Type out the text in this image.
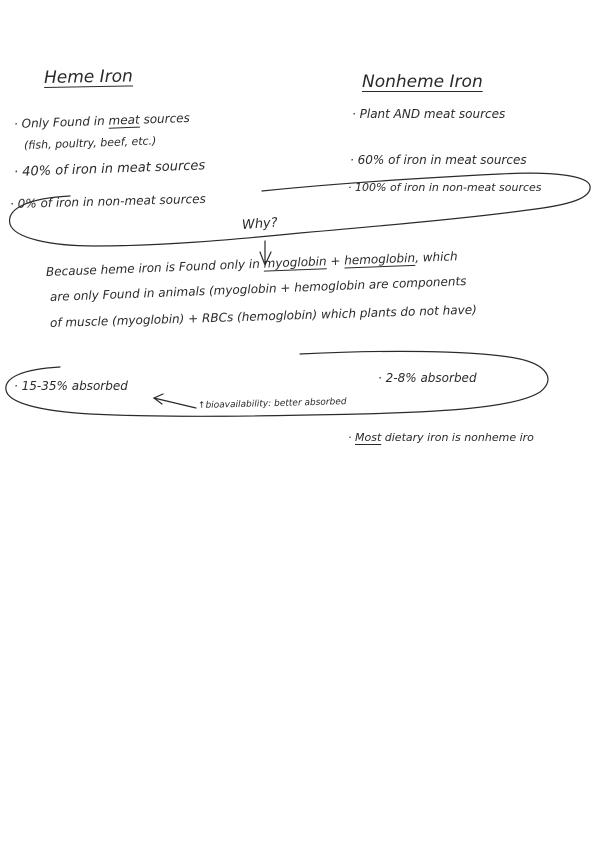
Heme Iron	Nonheme Iron
· Only Found in meat sources
(fish, poultry, beef, etc.)
· 40% of iron in meat sources
· 0% of iron in non-meat sources
· Plant AND meat sources
· 60% of iron in meat sources
· 100% of iron in non-meat sources
Why?
Because heme iron is Found only in myoglobin + hemoglobin, which
are only Found in animals (myoglobin + hemoglobin are components
of muscle (myoglobin) + RBCs (hemoglobin) which plants do not have)
· 15-35% absorbed
· 2-8% absorbed
↑bioavailability: better absorbed
· Most dietary iron is nonheme iro
